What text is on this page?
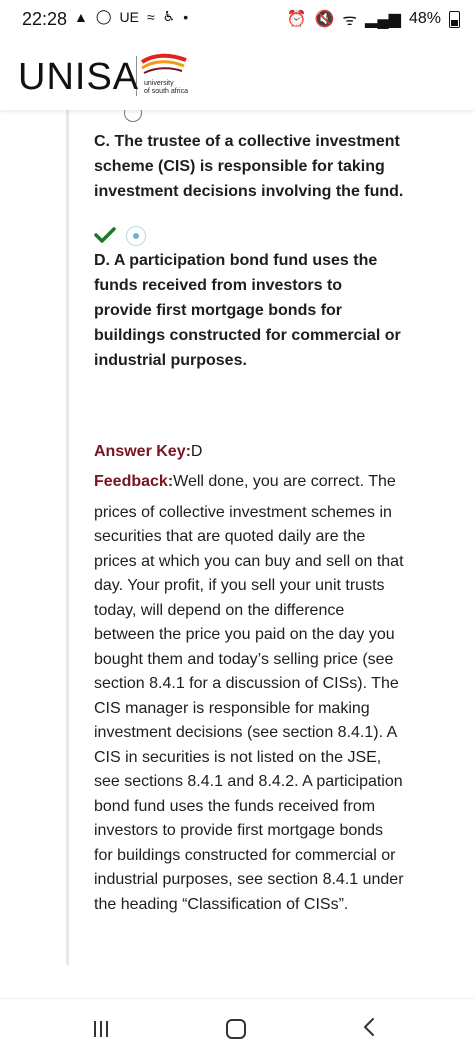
22:28 ▲ ◯ UE ≈ ♿ •	⏰ 🔇 ᯤ ▂▄▆ 48%
UNISA university
of south africa
C. The trustee of a collective investment scheme (CIS) is responsible for taking investment decisions involving the fund.
D. A participation bond fund uses the funds received from investors to provide first mortgage bonds for buildings constructed for commercial or industrial purposes.
Answer Key:D

Feedback:Well done, you are correct. The

prices of collective investment schemes in securities that are quoted daily are the prices at which you can buy and sell on that day. Your profit, if you sell your unit trusts today, will depend on the difference between the price you paid on the day you bought them and today’s selling price (see section 8.4.1 for a discussion of CISs). The CIS manager is responsible for making investment decisions (see section 8.4.1). A CIS in securities is not listed on the JSE, see sections 8.4.1 and 8.4.2. A participation bond fund uses the funds received from investors to provide first mortgage bonds for buildings constructed for commercial or industrial purposes, see section 8.4.1 under the heading “Classification of CISs”.
